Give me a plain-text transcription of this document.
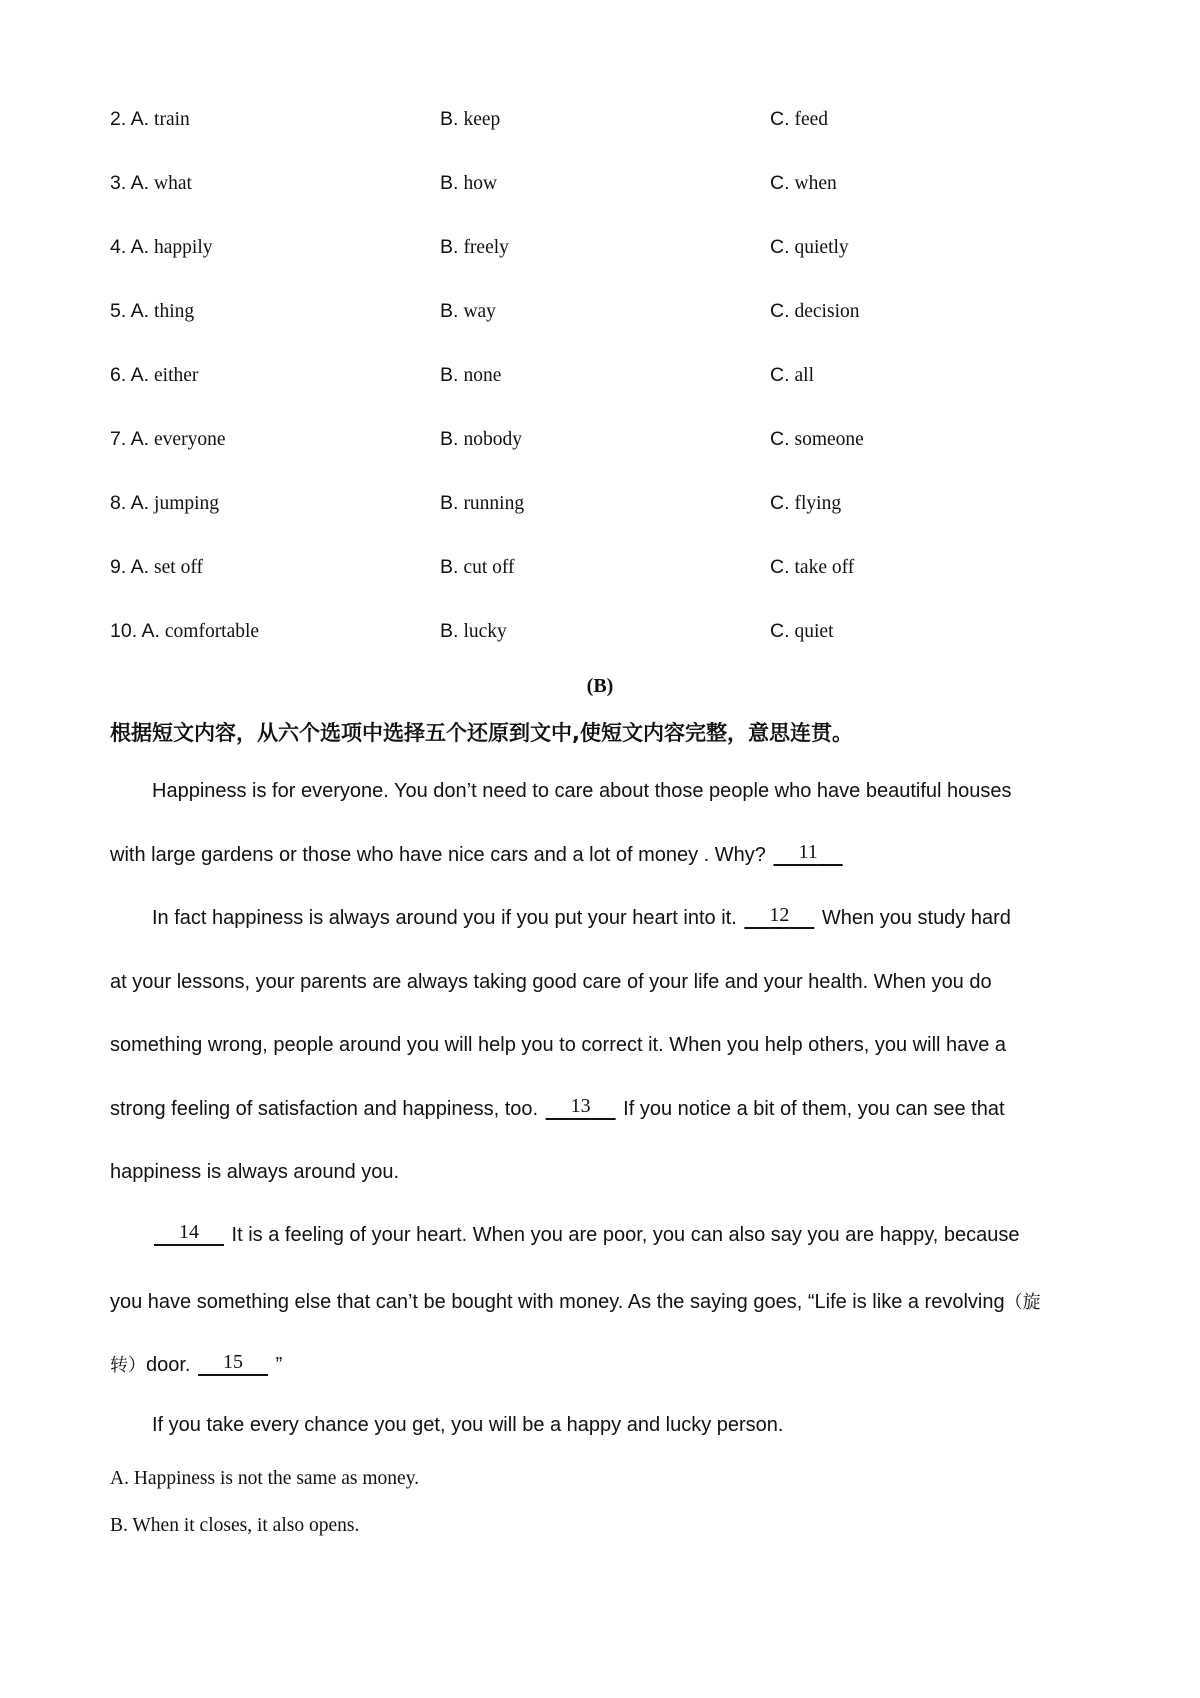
2. A. train	B. keep	C. feed
3. A. what	B. how	C. when
4. A. happily	B. freely	C. quietly
5. A. thing	B. way	C. decision
6. A. either	B. none	C. all
7. A. everyone	B. nobody	C. someone
8. A. jumping	B. running	C. flying
9. A. set off	B. cut off	C. take off
10. A. comfortable	B. lucky	C. quiet
(B)
根据短文内容，从六个选项中选择五个还原到文中,使短文内容完整，意思连贯。
Happiness is for everyone. You don’t need to care about those people who have beautiful houses
with large gardens or those who have nice cars and a lot of money . Why?      11
In fact happiness is always around you if you put your heart into it.      12      When you study hard
at your lessons, your parents are always taking good care of your life and your health. When you do
something wrong, people around you will help you to correct it. When you help others, you will have a
strong feeling of satisfaction and happiness, too.      13      If you notice a bit of them, you can see that
happiness is always around you.
14      It is a feeling of your heart. When you are poor, you can also say you are happy, because
you have something else that can’t be bought with money. As the saying goes, “Life is like a revolving（旋
转）door.      15      ”
If you take every chance you get, you will be a happy and lucky person.
A. Happiness is not the same as money.
B. When it closes, it also opens.
